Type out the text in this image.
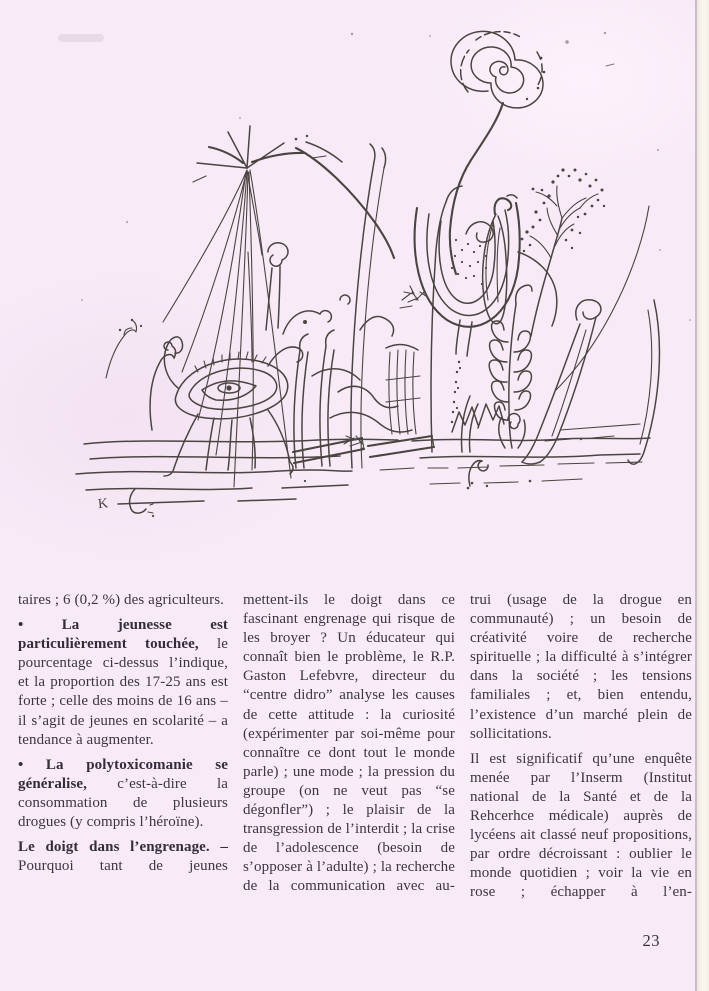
K

taires ; 6 (0,2 %) des agriculteurs.

• La jeunesse est particulièrement touchée, le pourcentage ci-dessus l’indique, et la proportion des 17-25 ans est forte ; celle des moins de 16 ans – il s’agit de jeunes en scolarité – a tendance à augmenter.

• La polytoxicomanie se généralise, c’est-à-dire la consommation de plusieurs drogues (y compris l’héroïne).

Le doigt dans l’engrenage. – Pourquoi tant de jeunes

mettent-ils le doigt dans ce fascinant engrenage qui risque de les broyer ? Un éducateur qui connaît bien le problème, le R.P. Gaston Lefebvre, directeur du “centre didro” analyse les causes de cette attitude : la curiosité (expérimenter par soi-même pour connaître ce dont tout le monde parle) ; une mode ; la pression du groupe (on ne veut pas “se dégonfler”) ; le plaisir de la transgression de l’interdit ; la crise de l’adolescence (besoin de s’opposer à l’adulte) ; la recherche de la communication avec au-

trui (usage de la drogue en communauté) ; un besoin de créativité voire de recherche spirituelle ; la difficulté à s’intégrer dans la société ; les tensions familiales ; et, bien entendu, l’existence d’un marché plein de sollicitations.

Il est significatif qu’une enquête menée par l’Inserm (Institut national de la Santé et de la Rehcerhce médicale) auprès de lycéens ait classé neuf propositions, par ordre décroissant : oublier le monde quotidien ; voir la vie en rose ; échapper à l’en-

23
